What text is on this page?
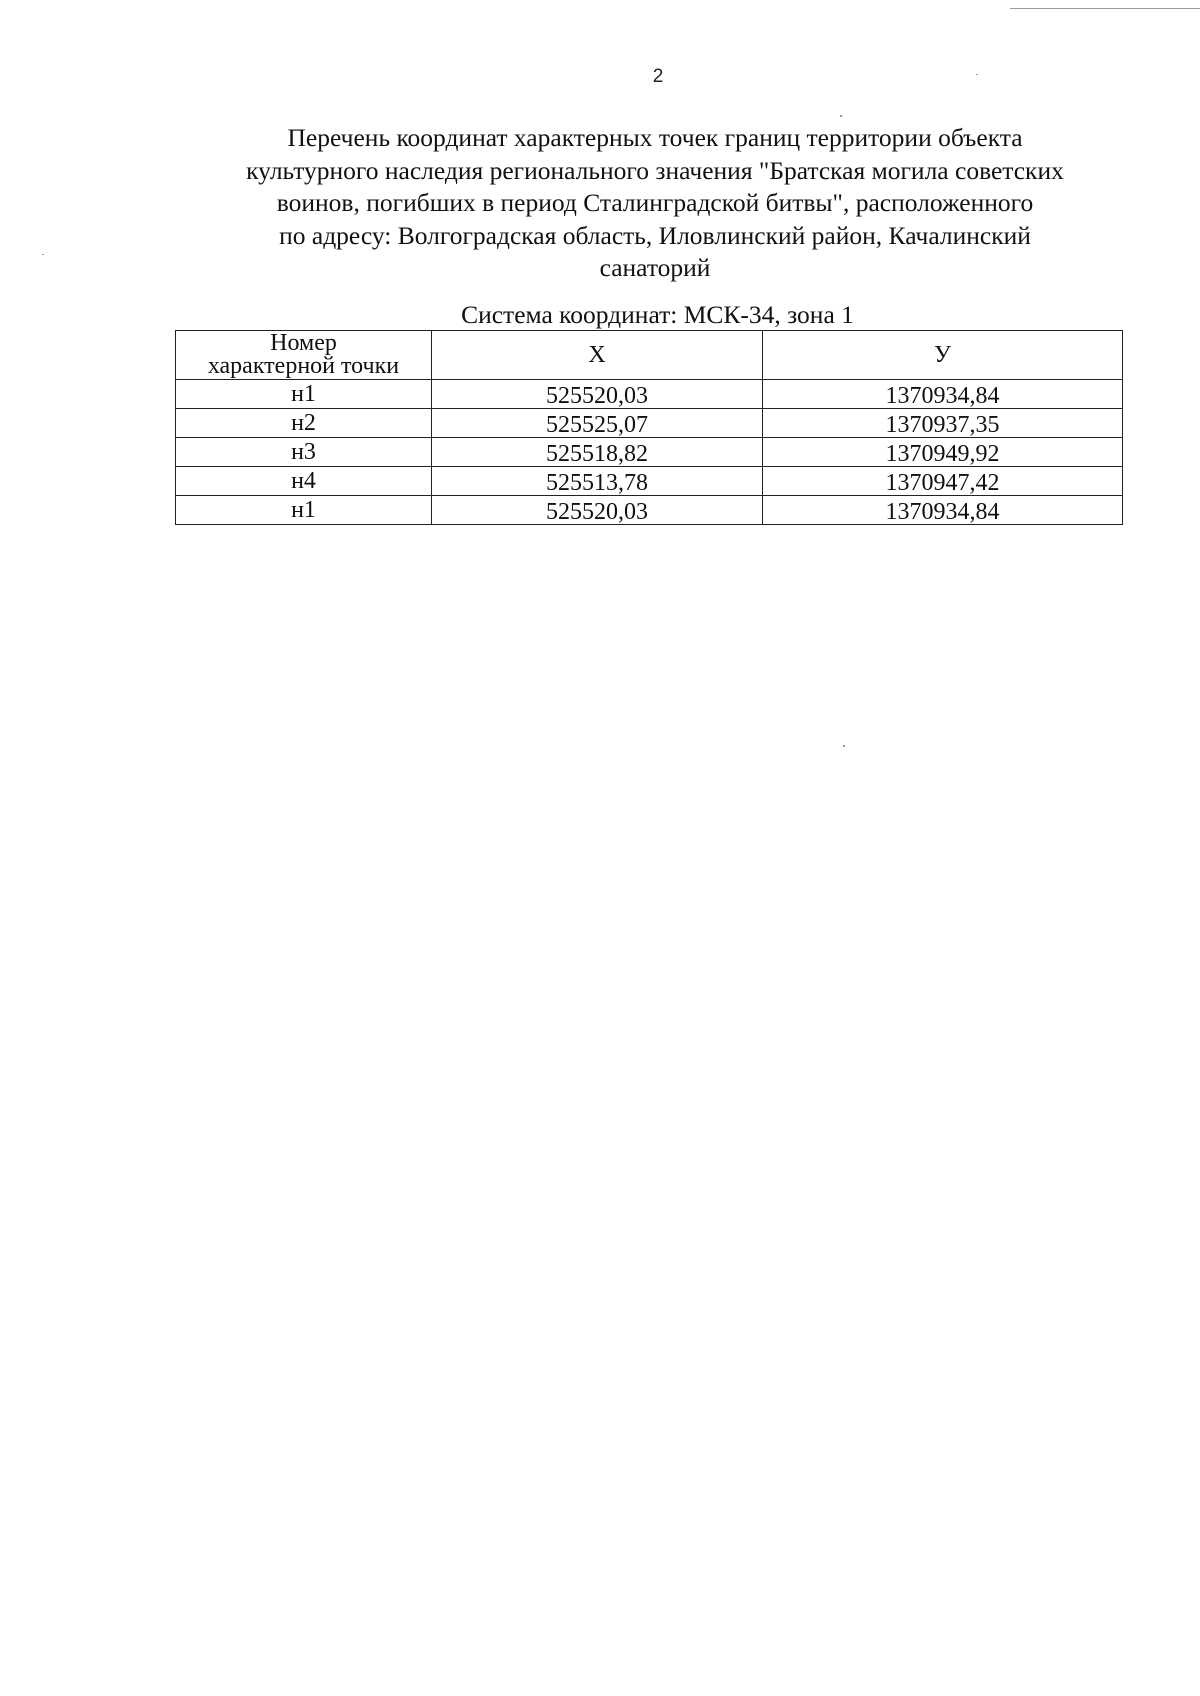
2
Перечень координат характерных точек границ территории объекта
культурного наследия регионального значения "Братская могила советских
воинов, погибших в период Сталинградской битвы", расположенного
по адресу: Волгоградская область, Иловлинский район, Качалинский
санаторий
Система координат: МСК-34, зона 1
Номер
характерной точки	X	У
н1	525520,03	1370934,84
н2	525525,07	1370937,35
н3	525518,82	1370949,92
н4	525513,78	1370947,42
н1	525520,03	1370934,84
